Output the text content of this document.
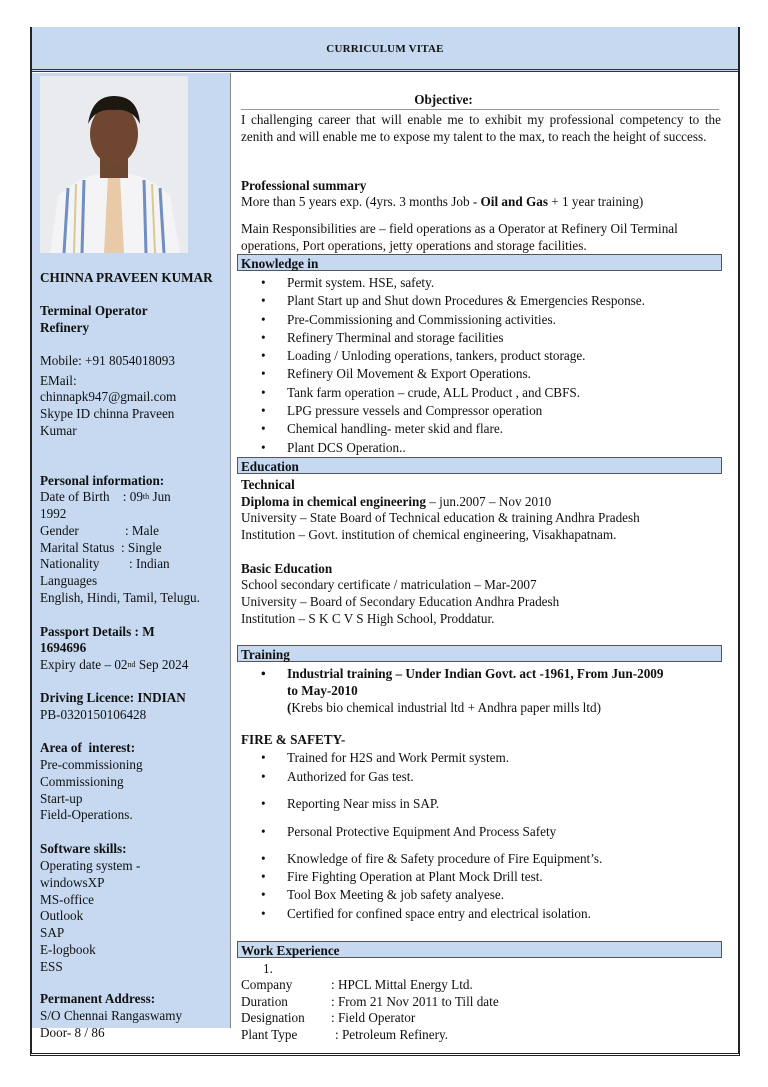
CURRICULUM VITAE
CHINNA PRAVEEN KUMAR
Terminal Operator
Refinery
Mobile: +91 8054018093
EMail:
chinnapk947@gmail.com
Skype ID chinna Praveen
Kumar
Personal information:
Date of Birth    : 09th Jun
1992
Gender              : Male
Marital Status  : Single
Nationality         : Indian
Languages
English, Hindi, Tamil, Telugu.
Passport Details : M
1694696
Expiry date – 02nd Sep 2024
Driving Licence: INDIAN
PB-0320150106428
Area of  interest:
Pre-commissioning
Commissioning
Start-up
Field-Operations.
Software skills:
Operating system -
windowsXP
MS-office
Outlook
SAP
E-logbook
ESS
Permanent Address:
S/O Chennai Rangaswamy
Door- 8 / 86
Objective:
I challenging career that will enable me to exhibit my professional competency to the zenith and will enable me to expose my talent to the max, to reach the height of success.
Professional summary
More than 5 years exp. (4yrs. 3 months Job - Oil and Gas + 1 year training)
Main Responsibilities are – field operations as a Operator at Refinery Oil Terminal operations, Port operations, jetty operations and storage facilities.
Knowledge in
• Permit system. HSE, safety.
• Plant Start up and Shut down Procedures & Emergencies Response.
• Pre-Commissioning and Commissioning activities.
• Refinery Therminal and storage facilities
• Loading / Unloding operations, tankers, product storage.
• Refinery Oil Movement & Export Operations.
• Tank farm operation – crude, ALL Product , and CBFS.
• LPG pressure vessels and Compressor operation
• Chemical handling- meter skid and flare.
• Plant DCS Operation..
Education
Technical
Diploma in chemical engineering – jun.2007 – Nov 2010
University – State Board of Technical education & training Andhra Pradesh
Institution – Govt. institution of chemical engineering, Visakhapatnam.
Basic Education
School secondary certificate / matriculation – Mar-2007
University – Board of Secondary Education Andhra Pradesh
Institution – S K C V S High School, Proddatur.
Training
• Industrial training – Under Indian Govt. act -1961, From Jun-2009
to May-2010
(Krebs bio chemical industrial ltd + Andhra paper mills ltd)
FIRE & SAFETY-
• Trained for H2S and Work Permit system.
• Authorized for Gas test.
• Reporting Near miss in SAP.
• Personal Protective Equipment And Process Safety
• Knowledge of fire & Safety procedure of Fire Equipment’s.
• Fire Fighting Operation at Plant Mock Drill test.
• Tool Box Meeting & job safety analyese.
• Certified for confined space entry and electrical isolation.
Work Experience
1.
Company	: HPCL Mittal Energy Ltd.
Duration	: From 21 Nov 2011 to Till date
Designation	: Field Operator
Plant Type	: Petroleum Refinery.
